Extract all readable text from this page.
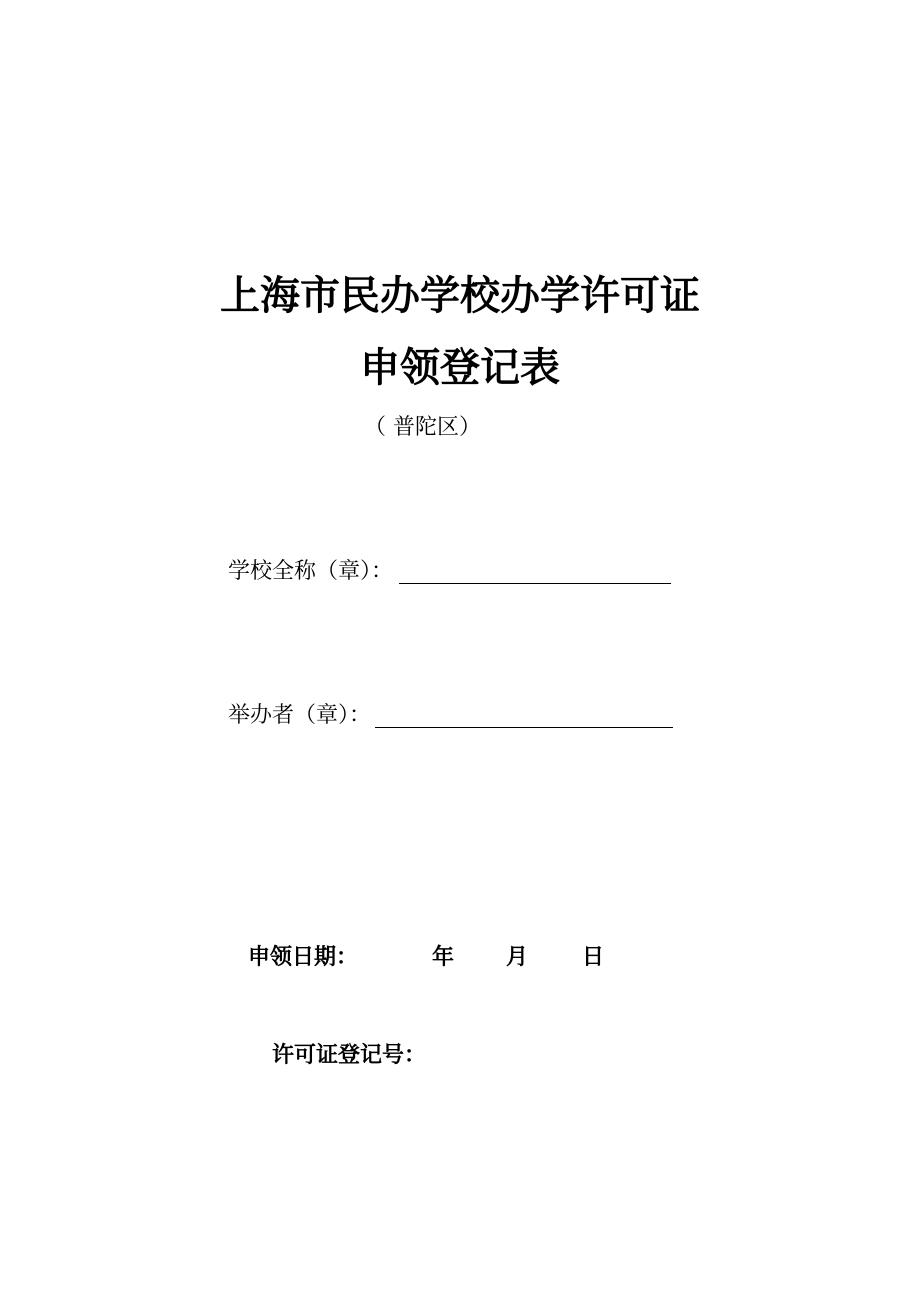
上海市民办学校办学许可证
申领登记表
（ 普陀区）
学校全称（章）：
举办者（章）：
申领日期：	年 月 日
许可证登记号：
